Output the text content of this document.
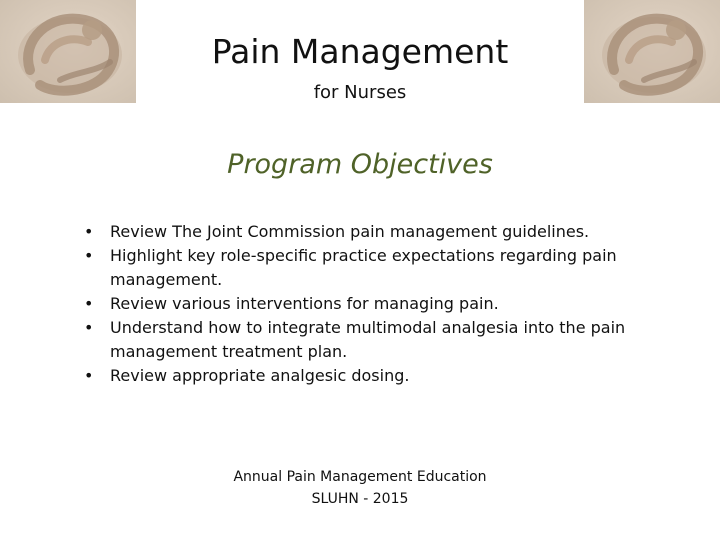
Pain Management
for Nurses
Program Objectives
• Review The Joint Commission pain management guidelines.
• Highlight key role-specific practice expectations regarding pain management.
• Review various interventions for managing pain.
• Understand how to integrate multimodal analgesia into the pain management treatment plan.
• Review appropriate analgesic dosing.
Annual Pain Management Education
SLUHN - 2015
